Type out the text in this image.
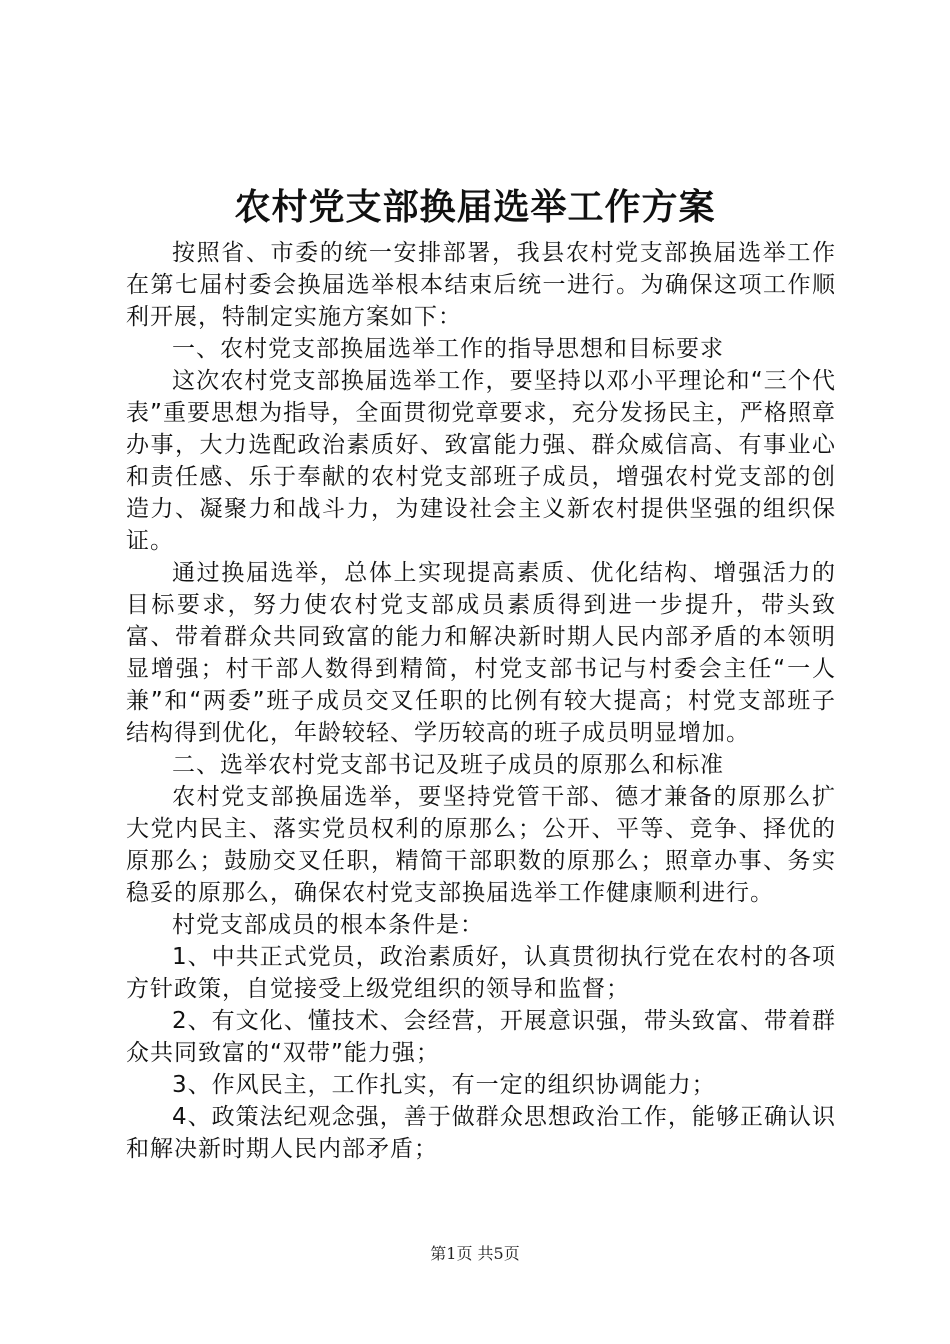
农村党支部换届选举工作方案

按照省、市委的统一安排部署，我县农村党支部换届选举工作在第七届村委会换届选举根本结束后统一进行。为确保这项工作顺利开展，特制定实施方案如下：

一、农村党支部换届选举工作的指导思想和目标要求

这次农村党支部换届选举工作，要坚持以邓小平理论和“三个代表”重要思想为指导，全面贯彻党章要求，充分发扬民主，严格照章办事，大力选配政治素质好、致富能力强、群众威信高、有事业心和责任感、乐于奉献的农村党支部班子成员，增强农村党支部的创造力、凝聚力和战斗力，为建设社会主义新农村提供坚强的组织保证。

通过换届选举，总体上实现提高素质、优化结构、增强活力的目标要求，努力使农村党支部成员素质得到进一步提升，带头致富、带着群众共同致富的能力和解决新时期人民内部矛盾的本领明显增强；村干部人数得到精简，村党支部书记与村委会主任“一人兼”和“两委”班子成员交叉任职的比例有较大提高；村党支部班子结构得到优化，年龄较轻、学历较高的班子成员明显增加。

二、选举农村党支部书记及班子成员的原那么和标准

农村党支部换届选举，要坚持党管干部、德才兼备的原那么扩大党内民主、落实党员权利的原那么；公开、平等、竞争、择优的原那么；鼓励交叉任职，精简干部职数的原那么；照章办事、务实稳妥的原那么，确保农村党支部换届选举工作健康顺利进行。

村党支部成员的根本条件是：

1、中共正式党员，政治素质好，认真贯彻执行党在农村的各项方针政策，自觉接受上级党组织的领导和监督；

2、有文化、懂技术、会经营，开展意识强，带头致富、带着群众共同致富的“双带”能力强；

3、作风民主，工作扎实，有一定的组织协调能力；

4、政策法纪观念强，善于做群众思想政治工作，能够正确认识和解决新时期人民内部矛盾；

第1页 共5页
